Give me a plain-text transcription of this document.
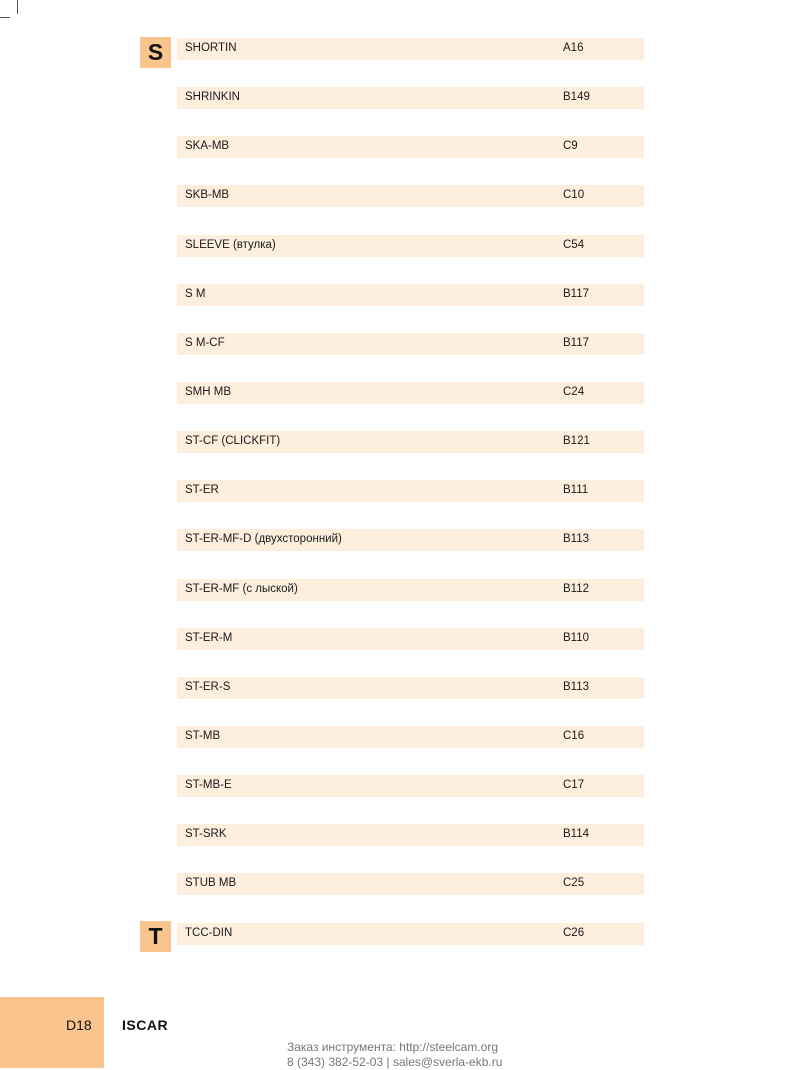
S
T
SHORTIN	A16
SHRINKIN	B149
SKA-MB	C9
SKB-MB	C10
SLEEVE (втулка)	C54
S M	B117
S M-CF	B117
SMH MB	C24
ST-CF (CLICKFIT)	B121
ST-ER	B111
ST-ER-MF-D (двухсторонний)	B113
ST-ER-MF (с лыской)	B112
ST-ER-M	B110
ST-ER-S	B113
ST-MB	C16
ST-MB-E	C17
ST-SRK	B114
STUB MB	C25
TCC-DIN	C26
D18 ISCAR
Заказ инструмента: http://steelcam.org
8 (343) 382-52-03 | sales@sverla-ekb.ru
